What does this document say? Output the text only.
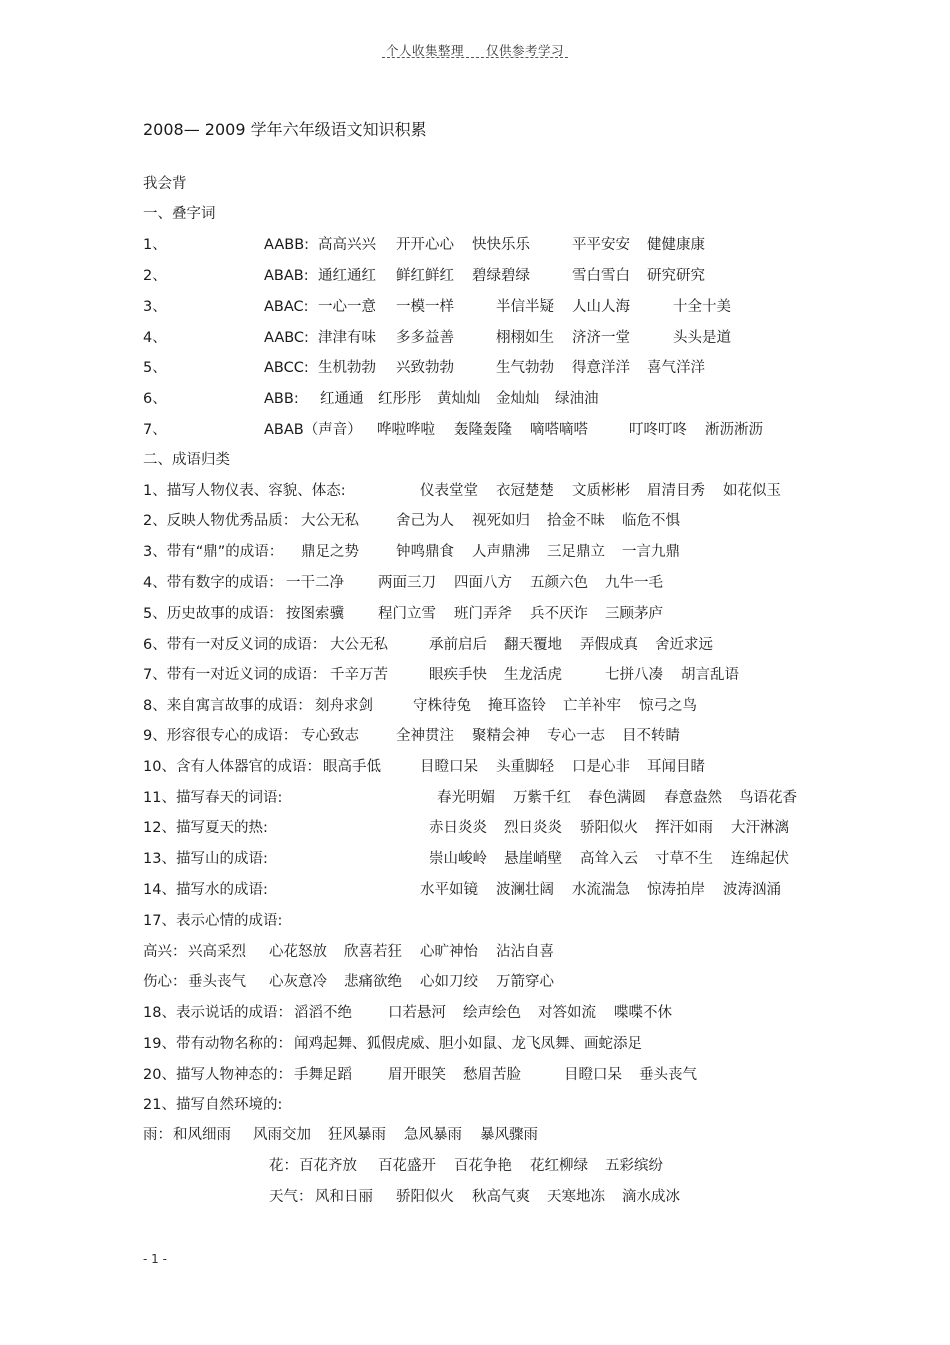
个人收集整理 仅供参考学习
2008— 2009 学年六年级语文知识积累
我会背
一、叠字词
1、	AABB: 高高兴兴 开开心心 快快乐乐	平平安安 健健康康
2、	ABAB: 通红通红 鲜红鲜红 碧绿碧绿	雪白雪白 研究研究
3、	ABAC: 一心一意 一模一样	半信半疑 人山人海	十全十美
4、	AABC: 津津有味 多多益善	栩栩如生 济济一堂	头头是道
5、	ABCC: 生机勃勃 兴致勃勃	生气勃勃 得意洋洋 喜气洋洋
6、	ABB: 红通通 红彤彤 黄灿灿 金灿灿 绿油油
7、	ABAB（声音） 哗啦哗啦 轰隆轰隆 嘀嗒嘀嗒	叮咚叮咚 淅沥淅沥
二、成语归类
1、描写人物仪表、容貌、体态:	仪表堂堂 衣冠楚楚 文质彬彬 眉清目秀 如花似玉
2、反映人物优秀品质： 大公无私	舍己为人 视死如归 拾金不昧 临危不惧
3、带有“鼎”的成语： 鼎足之势	钟鸣鼎食 人声鼎沸 三足鼎立 一言九鼎
4、带有数字的成语： 一干二净 两面三刀 四面八方 五颜六色 九牛一毛
5、历史故事的成语： 按图索骥 程门立雪 班门弄斧 兵不厌诈 三顾茅庐
6、带有一对反义词的成语： 大公无私	承前启后 翻天覆地 弄假成真 舍近求远
7、带有一对近义词的成语： 千辛万苦	眼疾手快 生龙活虎	七拼八凑 胡言乱语
8、来自寓言故事的成语： 刻舟求剑	守株待兔 掩耳盗铃 亡羊补牢 惊弓之鸟
9、形容很专心的成语： 专心致志	全神贯注 聚精会神 专心一志 目不转睛
10、含有人体器官的成语： 眼高手低	目瞪口呆 头重脚轻 口是心非 耳闻目睹
11、描写春天的词语:	春光明媚 万紫千红 春色满圆 春意盎然 鸟语花香
12、描写夏天的热:	赤日炎炎 烈日炎炎 骄阳似火 挥汗如雨 大汗淋漓
13、描写山的成语:	崇山峻岭 悬崖峭壁 高耸入云 寸草不生 连绵起伏
14、描写水的成语:	水平如镜 波澜壮阔 水流湍急 惊涛拍岸 波涛汹涌
17、表示心情的成语:
高兴： 兴高采烈 心花怒放 欣喜若狂 心旷神怡 沾沾自喜
伤心： 垂头丧气 心灰意冷 悲痛欲绝 心如刀绞 万箭穿心
18、表示说话的成语： 滔滔不绝 口若悬河 绘声绘色 对答如流 喋喋不休
19、带有动物名称的： 闻鸡起舞、狐假虎威、胆小如鼠、龙飞凤舞、画蛇添足
20、描写人物神态的： 手舞足蹈 眉开眼笑 愁眉苦脸	目瞪口呆 垂头丧气
21、描写自然环境的:
雨： 和风细雨 风雨交加 狂风暴雨 急风暴雨 暴风骤雨
花： 百花齐放 百花盛开 百花争艳 花红柳绿 五彩缤纷
天气： 风和日丽 骄阳似火 秋高气爽 天寒地冻 滴水成冰
- 1 -
